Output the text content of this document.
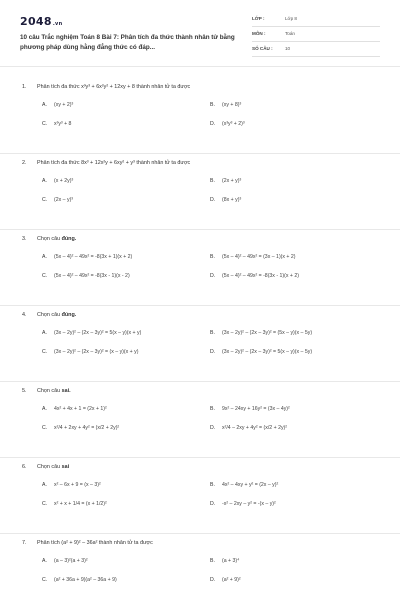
2048.vn
10 câu Trắc nghiệm Toán 8 Bài 7: Phân tích đa thức thành nhân tử bằng phương pháp dùng hằng đẳng thức có đáp...
LỚP :	Lớp 8
MÔN :	Toán
SỐ CÂU :	10
1. Phân tích đa thức x³y³ + 6x²y² + 12xy + 8 thành nhân tử ta được
A. (xy + 2)³	B. (xy + 8)³
C. x³y³ + 8	D. (x³y³ + 2)³
2. Phân tích đa thức 8x³ + 12x²y + 6xy² + y³ thành nhân tử ta được
A. (x + 2y)³	B. (2x + y)³
C. (2x – y)³	D. (8x + y)³
3. Chọn câu đúng.
A. (5x – 4)² – 49x² = -8(3x + 1)(x + 2)	B. (5x – 4)² – 49x² = (3x – 1)(x + 2)
C. (5x – 4)² – 49x² = -8(3x - 1)(x - 2)	D. (5x – 4)² – 49x² = -8(3x - 1)(x + 2)
4. Chọn câu đúng.
A. (3x – 2y)² – (2x – 3y)² = 5(x – y)(x + y)	B. (3x – 2y)² – (2x – 3y)² = (5x – y)(x – 5y)
C. (3x – 2y)² – (2x – 3y)² = (x – y)(x + y)	D. (3x – 2y)² – (2x – 3y)² = 5(x – y)(x – 5y)
5. Chọn câu sai.
A. 4x² + 4x + 1 = (2x + 1)²	B. 9x² – 24xy + 16y² = (3x – 4y)²
C. x²/4 + 2xy + 4y² = (x/2 + 2y)²	D. x²/4 – 2xy + 4y² = (x/2 + 2y)²
6. Chọn câu sai
A. x² – 6x + 9 = (x – 3)²	B. 4x² – 4xy + y² = (2x – y)²
C. x² + x + 1/4 = (x + 1/2)²	D. -x² – 2xy – y² = -(x – y)²
7. Phân tích (a² + 9)² – 36a² thành nhân tử ta được
A. (a – 3)²(a + 3)²	B. (a + 3)⁴
C. (a² + 36a + 9)(a² – 36a + 9)	D. (a² + 9)²
